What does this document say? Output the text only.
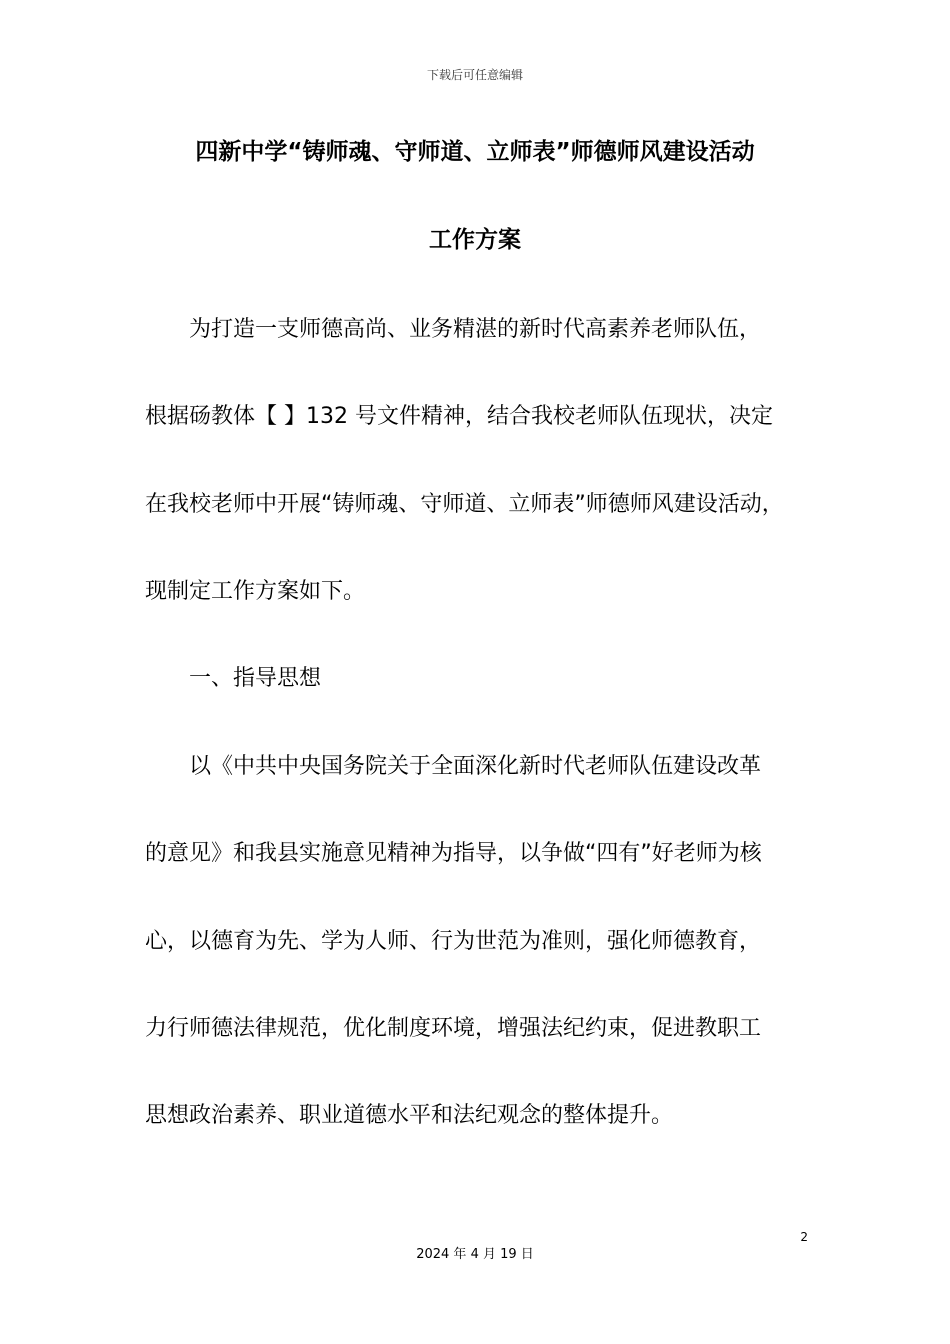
下载后可任意编辑
四新中学“铸师魂、守师道、立师表”师德师风建设活动
工作方案
为打造一支师德高尚、业务精湛的新时代高素养老师队伍，
根据砀教体【 】132 号文件精神，结合我校老师队伍现状，决定
在我校老师中开展“铸师魂、守师道、立师表”师德师风建设活动，
现制定工作方案如下。
一、指导思想
以《中共中央国务院关于全面深化新时代老师队伍建设改革
的意见》和我县实施意见精神为指导，以争做“四有”好老师为核
心，以德育为先、学为人师、行为世范为准则，强化师德教育，
力行师德法律规范，优化制度环境，增强法纪约束，促进教职工
思想政治素养、职业道德水平和法纪观念的整体提升。
2
2024 年 4 月 19 日
